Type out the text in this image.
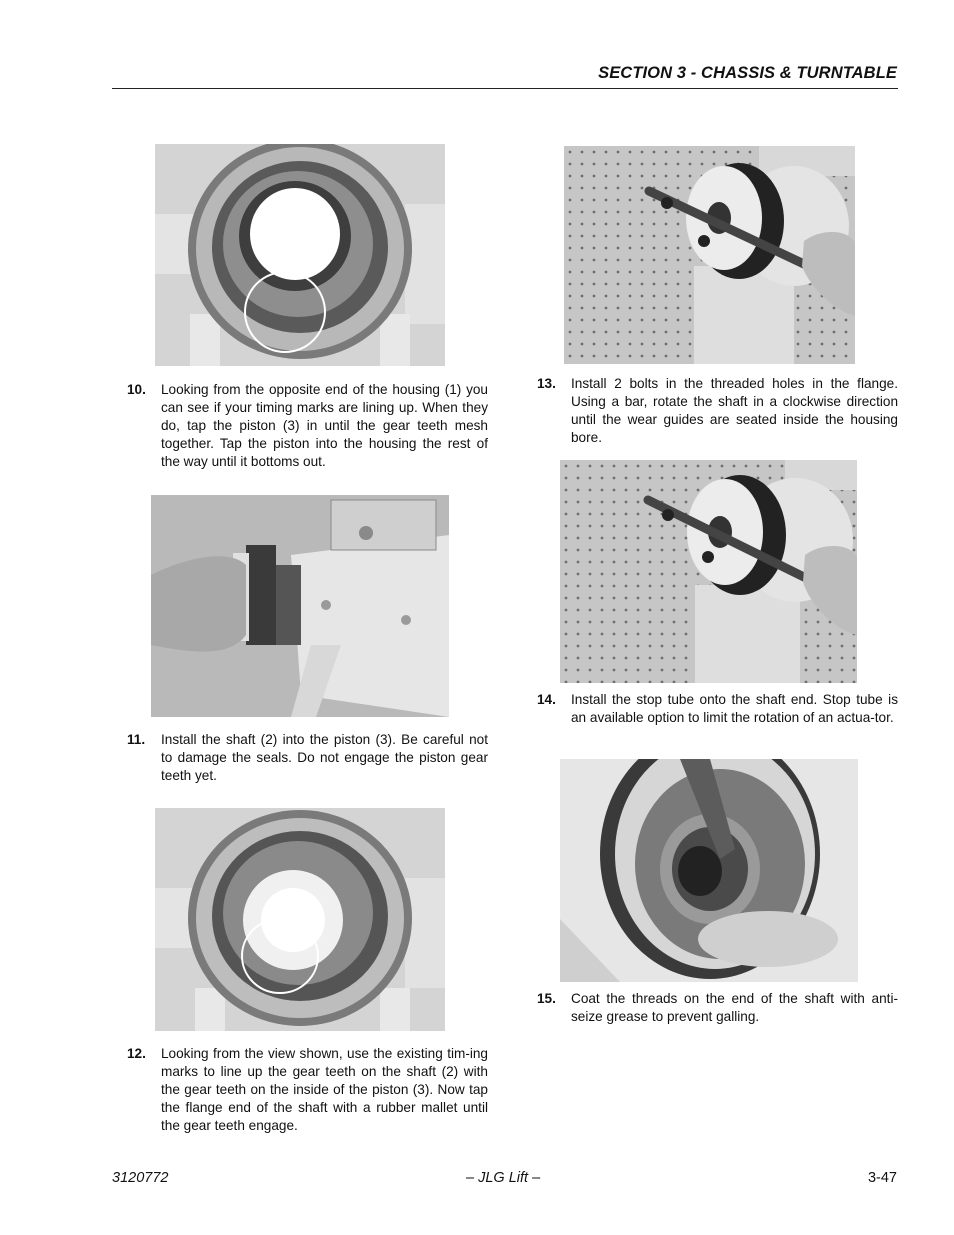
SECTION 3 - CHASSIS & TURNTABLE
10. Looking from the opposite end of the housing (1) you can see if your timing marks are lining up. When they do, tap the piston (3) in until the gear teeth mesh together. Tap the piston into the housing the rest of the way until it bottoms out.
11. Install the shaft (2) into the piston (3). Be careful not to damage the seals. Do not engage the piston gear teeth yet.
12. Looking from the view shown, use the existing tim-ing marks to line up the gear teeth on the shaft (2) with the gear teeth on the inside of the piston (3). Now tap the flange end of the shaft with a rubber mallet until the gear teeth engage.
13. Install 2 bolts in the threaded holes in the flange. Using a bar, rotate the shaft in a clockwise direction until the wear guides are seated inside the housing bore.
14. Install the stop tube onto the shaft end. Stop tube is an available option to limit the rotation of an actua-tor.
15. Coat the threads on the end of the shaft with anti-seize grease to prevent galling.
3120772	– JLG Lift –	3-47
